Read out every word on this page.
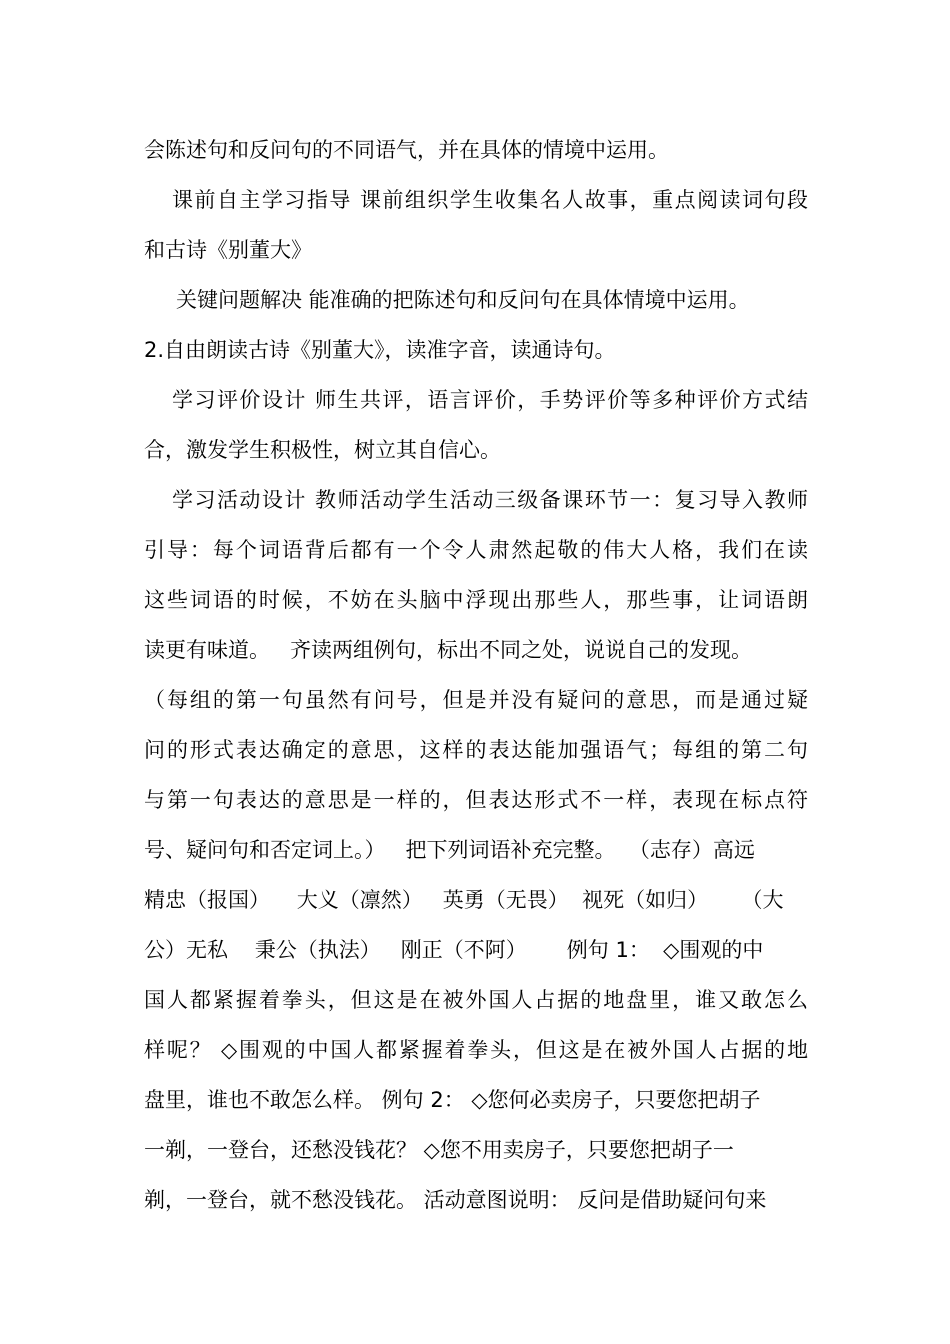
会陈述句和反问句的不同语气，并在具体的情境中运用。
课前自主学习指导 课前组织学生收集名人故事，重点阅读词句段
和古诗《别董大》
关键问题解决 能准确的把陈述句和反问句在具体情境中运用。
2.自由朗读古诗《别董大》，读准字音，读通诗句。
学习评价设计 师生共评，语言评价，手势评价等多种评价方式结
合，激发学生积极性，树立其自信心。
学习活动设计 教师活动学生活动三级备课环节一：复习导入教师
引导：每个词语背后都有一个令人肃然起敬的伟大人格，我们在读
这些词语的时候，不妨在头脑中浮现出那些人，那些事，让词语朗
读更有味道。   齐读两组例句，标出不同之处，说说自己的发现。
（每组的第一句虽然有问号，但是并没有疑问的意思，而是通过疑
问的形式表达确定的意思，这样的表达能加强语气；每组的第二句
与第一句表达的意思是一样的，但表达形式不一样，表现在标点符
号、疑问句和否定词上。）   把下列词语补充完整。  （志存）高远
精忠（报国）    大义（凛然）   英勇（无畏）  视死（如归）     （大
公）无私    秉公（执法）   刚正（不阿）      例句 1：  ◇围观的中
国人都紧握着拳头，但这是在被外国人占据的地盘里，谁又敢怎么
样呢？ ◇围观的中国人都紧握着拳头，但这是在被外国人占据的地
盘里，谁也不敢怎么样。 例句 2： ◇您何必卖房子，只要您把胡子
一剃，一登台，还愁没钱花？ ◇您不用卖房子，只要您把胡子一
剃，一登台，就不愁没钱花。 活动意图说明： 反问是借助疑问句来
